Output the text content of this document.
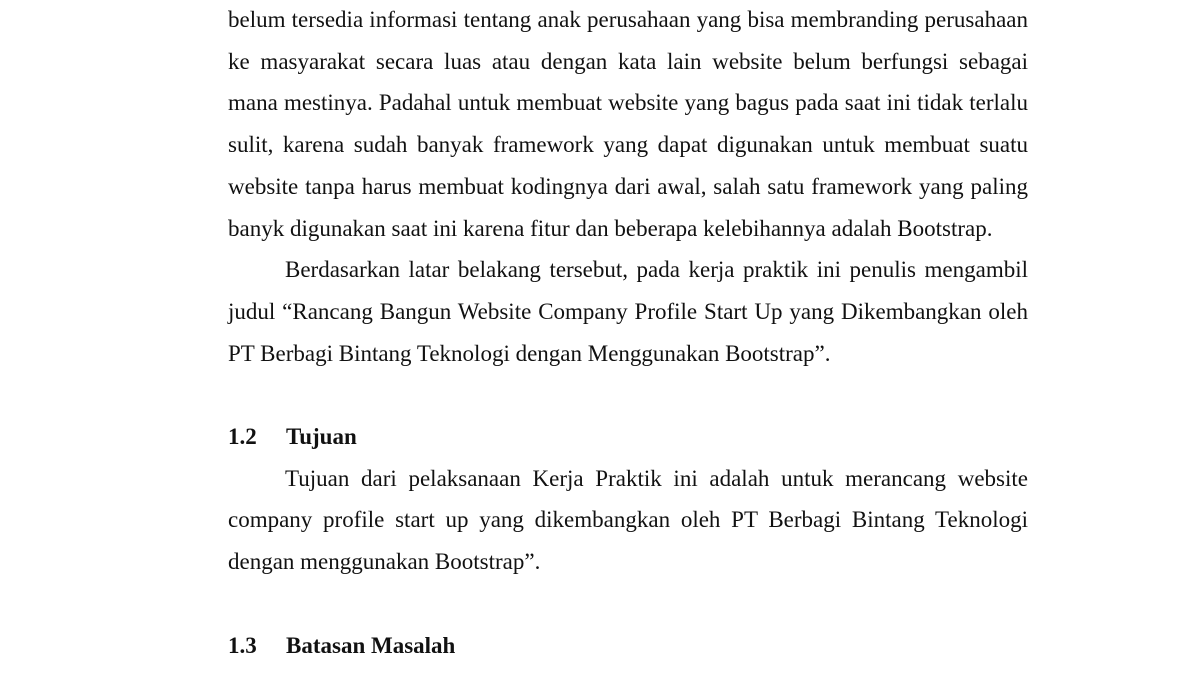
belum tersedia informasi tentang anak perusahaan yang bisa membranding perusahaan ke masyarakat secara luas atau dengan kata lain website belum berfungsi sebagai mana mestinya. Padahal untuk membuat website yang bagus pada saat ini tidak terlalu sulit, karena sudah banyak framework yang dapat digunakan untuk membuat suatu website tanpa harus membuat kodingnya dari awal, salah satu framework yang paling banyk digunakan saat ini karena fitur dan beberapa kelebihannya adalah Bootstrap.

Berdasarkan latar belakang tersebut, pada kerja praktik ini penulis mengambil judul “Rancang Bangun Website Company Profile Start Up yang Dikembangkan oleh PT Berbagi Bintang Teknologi dengan Menggunakan Bootstrap”.

1.2	Tujuan

Tujuan dari pelaksanaan Kerja Praktik ini adalah untuk merancang website company profile start up yang dikembangkan oleh PT Berbagi Bintang Teknologi dengan menggunakan Bootstrap”.

1.3	Batasan Masalah
